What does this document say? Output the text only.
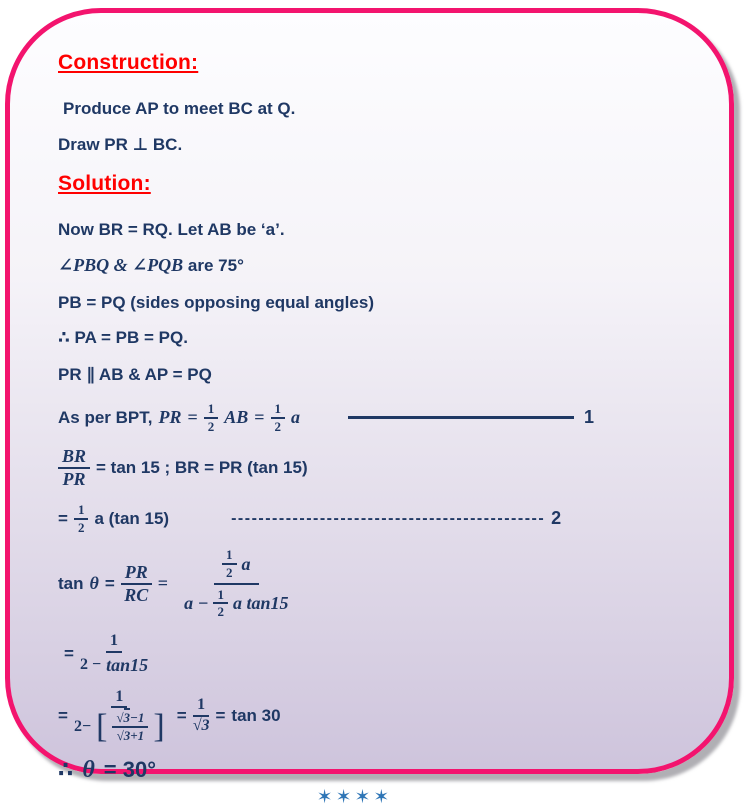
Construction:

Produce AP to meet BC at Q.

Draw PR ⊥ BC.

Solution:

Now BR = RQ. Let AB be ‘a’.

∠PBQ & ∠PQB are 75°

PB = PQ (sides opposing equal angles)

∴ PA = PB = PQ.

PR ∥ AB & AP = PQ

As per BPT, PR = $\frac{1}{2}$ AB = $\frac{1}{2}$ a	1
$\frac{BR}{PR} = \tan 15$ ; BR = PR (tan 15)
= $\frac{1}{2}$ a (tan 15)	---------------------------------------------- 2
$\tan \theta = \frac{PR}{RC}$ =
$\frac{1}{2}$ a
$a - \frac{1}{2}$ a tan15
= $\frac{1}{2 - \tan 15}$
=
1
2− [ $\frac{√3-1}{√3+1}$ ] = $\frac{1}{√3} = \tan 30$
∴ θ = 30°
✶✶✶✶
